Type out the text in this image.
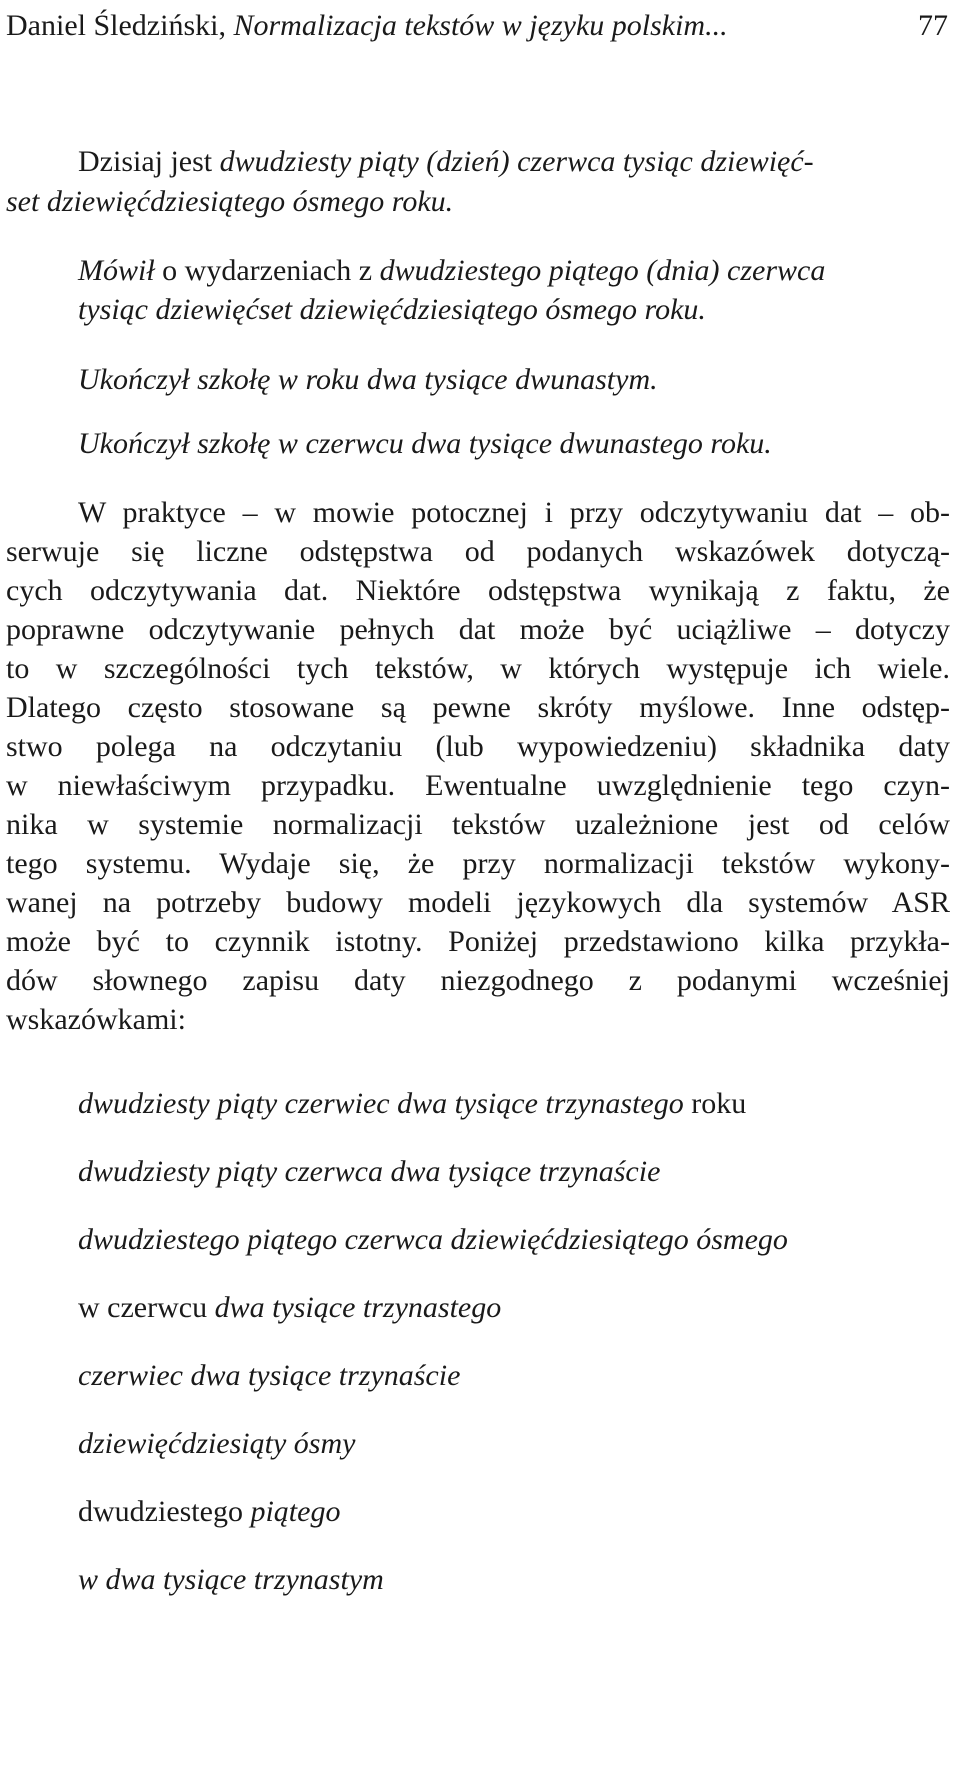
Daniel Śledziński, Normalizacja tekstów w języku polskim...	77
Dzisiaj jest dwudziesty piąty (dzień) czerwca tysiąc dziewięć-
set dziewięćdziesiątego ósmego roku.
Mówił o wydarzeniach z dwudziestego piątego (dnia) czerwca
tysiąc dziewięćset dziewięćdziesiątego ósmego roku.
Ukończył szkołę w roku dwa tysiące dwunastym.
Ukończył szkołę w czerwcu dwa tysiące dwunastego roku.
W praktyce – w mowie potocznej i przy odczytywaniu dat – ob-
serwuje się liczne odstępstwa od podanych wskazówek dotyczą-
cych odczytywania dat. Niektóre odstępstwa wynikają z faktu, że
poprawne odczytywanie pełnych dat może być uciążliwe – dotyczy
to w szczególności tych tekstów, w których występuje ich wiele.
Dlatego często stosowane są pewne skróty myślowe. Inne odstęp-
stwo polega na odczytaniu (lub wypowiedzeniu) składnika daty
w niewłaściwym przypadku. Ewentualne uwzględnienie tego czyn-
nika w systemie normalizacji tekstów uzależnione jest od celów
tego systemu. Wydaje się, że przy normalizacji tekstów wykony-
wanej na potrzeby budowy modeli językowych dla systemów ASR
może być to czynnik istotny. Poniżej przedstawiono kilka przykła-
dów słownego zapisu daty niezgodnego z podanymi wcześniej
wskazówkami:
dwudziesty piąty czerwiec dwa tysiące trzynastego roku
dwudziesty piąty czerwca dwa tysiące trzynaście
dwudziestego piątego czerwca dziewięćdziesiątego ósmego
w czerwcu dwa tysiące trzynastego
czerwiec dwa tysiące trzynaście
dziewięćdziesiąty ósmy
dwudziestego piątego
w dwa tysiące trzynastym
